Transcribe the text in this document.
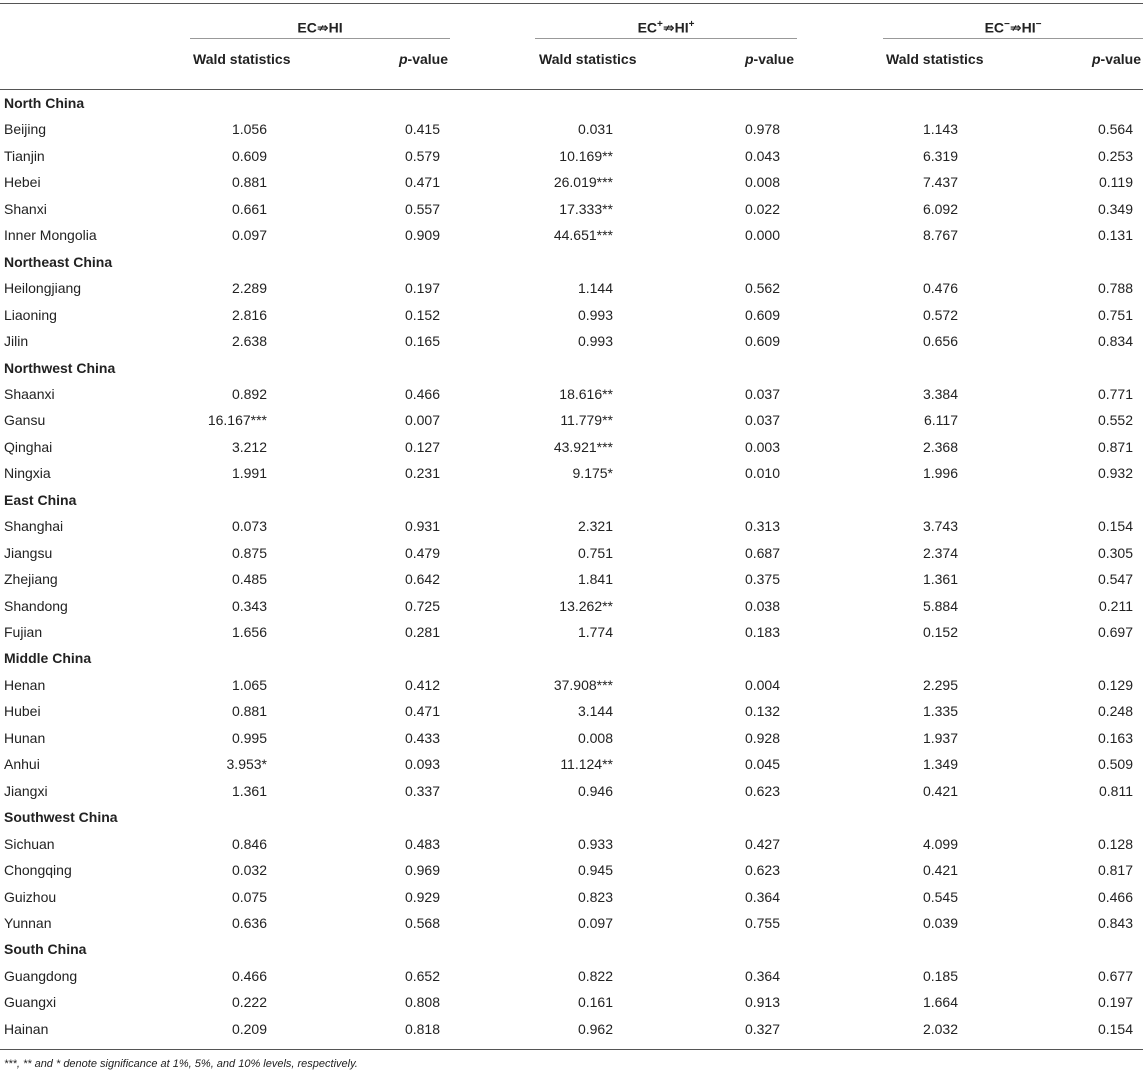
EC⇏HI	EC+⇏HI+	EC−⇏HI−
Wald statistics	p-value	Wald statistics	p-value	Wald statistics	p-value
North China
Beijing	1.056	0.415	0.031	0.978	1.143	0.564
Tianjin	0.609	0.579	10.169**	0.043	6.319	0.253
Hebei	0.881	0.471	26.019***	0.008	7.437	0.119
Shanxi	0.661	0.557	17.333**	0.022	6.092	0.349
Inner Mongolia	0.097	0.909	44.651***	0.000	8.767	0.131
Northeast China
Heilongjiang	2.289	0.197	1.144	0.562	0.476	0.788
Liaoning	2.816	0.152	0.993	0.609	0.572	0.751
Jilin	2.638	0.165	0.993	0.609	0.656	0.834
Northwest China
Shaanxi	0.892	0.466	18.616**	0.037	3.384	0.771
Gansu	16.167***	0.007	11.779**	0.037	6.117	0.552
Qinghai	3.212	0.127	43.921***	0.003	2.368	0.871
Ningxia	1.991	0.231	9.175*	0.010	1.996	0.932
East China
Shanghai	0.073	0.931	2.321	0.313	3.743	0.154
Jiangsu	0.875	0.479	0.751	0.687	2.374	0.305
Zhejiang	0.485	0.642	1.841	0.375	1.361	0.547
Shandong	0.343	0.725	13.262**	0.038	5.884	0.211
Fujian	1.656	0.281	1.774	0.183	0.152	0.697
Middle China
Henan	1.065	0.412	37.908***	0.004	2.295	0.129
Hubei	0.881	0.471	3.144	0.132	1.335	0.248
Hunan	0.995	0.433	0.008	0.928	1.937	0.163
Anhui	3.953*	0.093	11.124**	0.045	1.349	0.509
Jiangxi	1.361	0.337	0.946	0.623	0.421	0.811
Southwest China
Sichuan	0.846	0.483	0.933	0.427	4.099	0.128
Chongqing	0.032	0.969	0.945	0.623	0.421	0.817
Guizhou	0.075	0.929	0.823	0.364	0.545	0.466
Yunnan	0.636	0.568	0.097	0.755	0.039	0.843
South China
Guangdong	0.466	0.652	0.822	0.364	0.185	0.677
Guangxi	0.222	0.808	0.161	0.913	1.664	0.197
Hainan	0.209	0.818	0.962	0.327	2.032	0.154
***, ** and * denote significance at 1%, 5%, and 10% levels, respectively.
